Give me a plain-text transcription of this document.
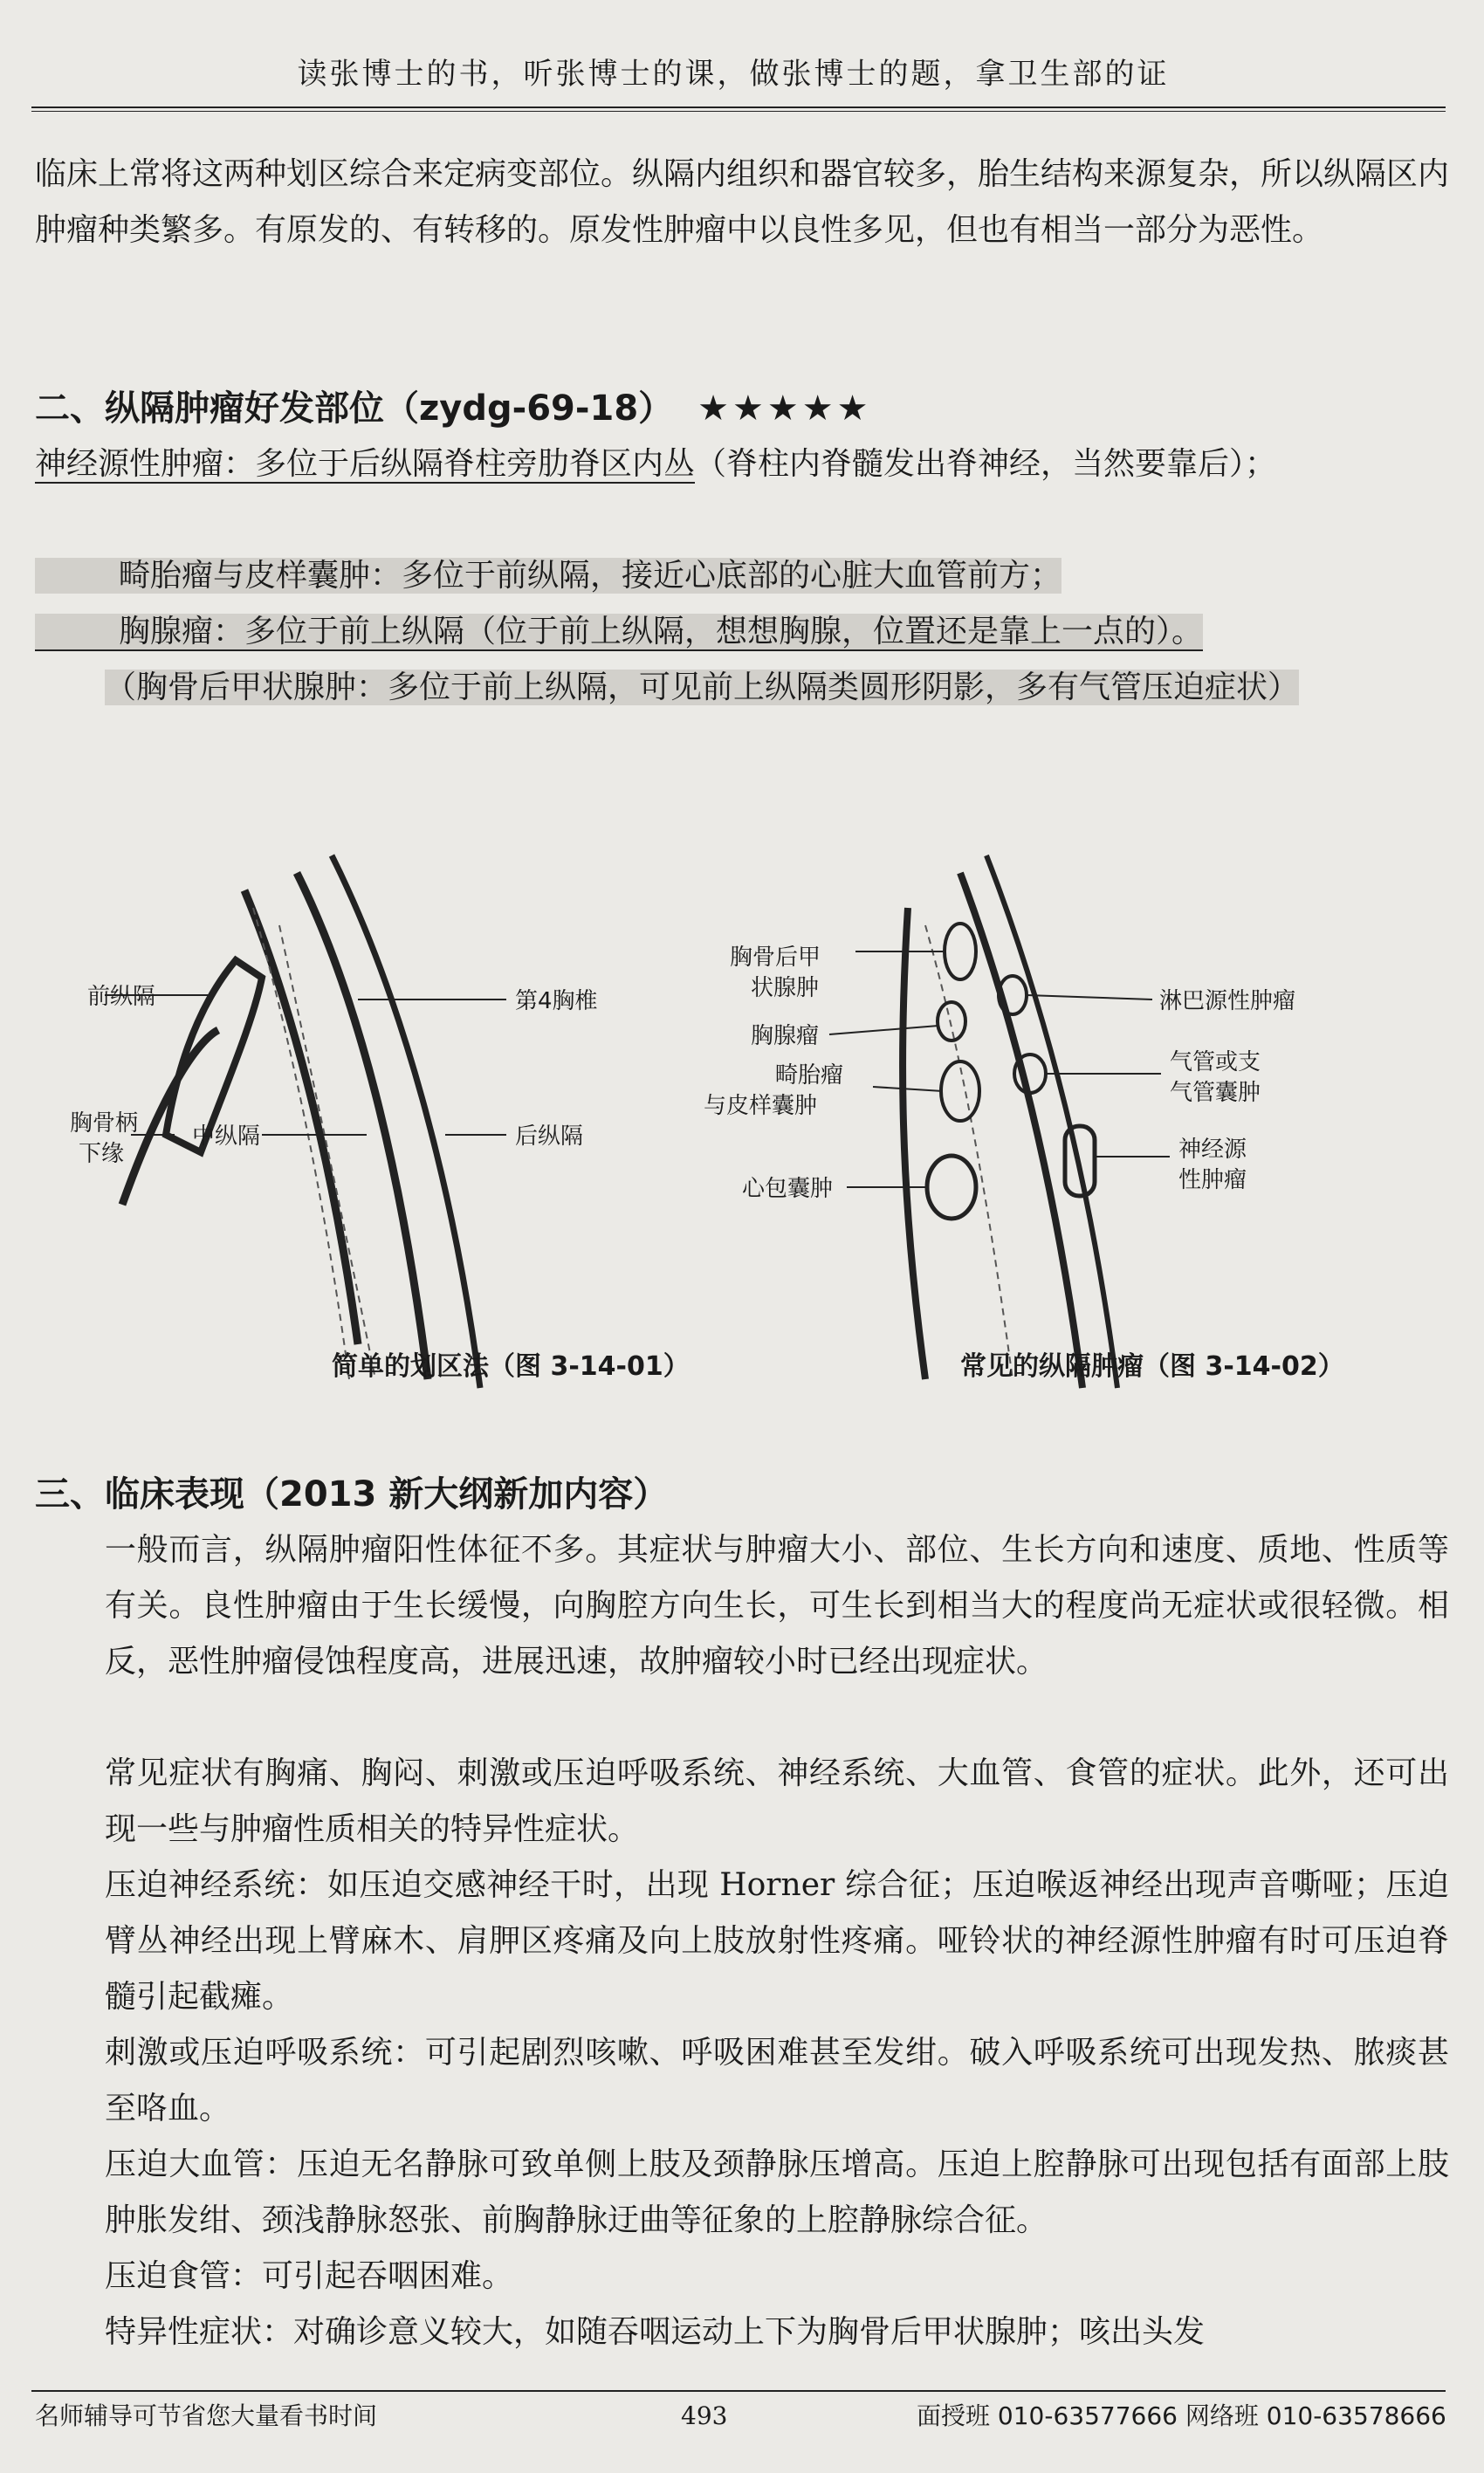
读张博士的书，听张博士的课，做张博士的题，拿卫生部的证

临床上常将这两种划区综合来定病变部位。纵隔内组织和器官较多，胎生结构来源复杂，所以纵隔区内肿瘤种类繁多。有原发的、有转移的。原发性肿瘤中以良性多见，但也有相当一部分为恶性。

二、纵隔肿瘤好发部位（zydg-69-18） ★★★★★

神经源性肿瘤：多位于后纵隔脊柱旁肋脊区内丛（脊柱内脊髓发出脊神经，当然要靠后）；

畸胎瘤与皮样囊肿：多位于前纵隔，接近心底部的心脏大血管前方；

胸腺瘤：多位于前上纵隔（位于前上纵隔，想想胸腺，位置还是靠上一点的）。

（胸骨后甲状腺肿：多位于前上纵隔，可见前上纵隔类圆形阴影，多有气管压迫症状）

前纵隔	第4胸椎
胸骨柄
下缘
中纵隔	后纵隔
简单的划区法（图 3-14-01）
胸骨后甲
状腺肿
胸腺瘤
畸胎瘤
与皮样囊肿
心包囊肿
淋巴源性肿瘤
气管或支
气管囊肿
神经源
性肿瘤
常见的纵隔肿瘤（图 3-14-02）
三、临床表现（2013 新大纲新加内容）

一般而言，纵隔肿瘤阳性体征不多。其症状与肿瘤大小、部位、生长方向和速度、质地、性质等有关。良性肿瘤由于生长缓慢，向胸腔方向生长，可生长到相当大的程度尚无症状或很轻微。相反，恶性肿瘤侵蚀程度高，进展迅速，故肿瘤较小时已经出现症状。

常见症状有胸痛、胸闷、刺激或压迫呼吸系统、神经系统、大血管、食管的症状。此外，还可出现一些与肿瘤性质相关的特异性症状。

压迫神经系统：如压迫交感神经干时，出现 Horner 综合征；压迫喉返神经出现声音嘶哑；压迫臂丛神经出现上臂麻木、肩胛区疼痛及向上肢放射性疼痛。哑铃状的神经源性肿瘤有时可压迫脊髓引起截瘫。

刺激或压迫呼吸系统：可引起剧烈咳嗽、呼吸困难甚至发绀。破入呼吸系统可出现发热、脓痰甚至咯血。

压迫大血管：压迫无名静脉可致单侧上肢及颈静脉压增高。压迫上腔静脉可出现包括有面部上肢肿胀发绀、颈浅静脉怒张、前胸静脉迂曲等征象的上腔静脉综合征。

压迫食管：可引起吞咽困难。

特异性症状：对确诊意义较大，如随吞咽运动上下为胸骨后甲状腺肿；咳出头发

名师辅导可节省您大量看书时间	493	面授班 010-63577666 网络班 010-63578666
